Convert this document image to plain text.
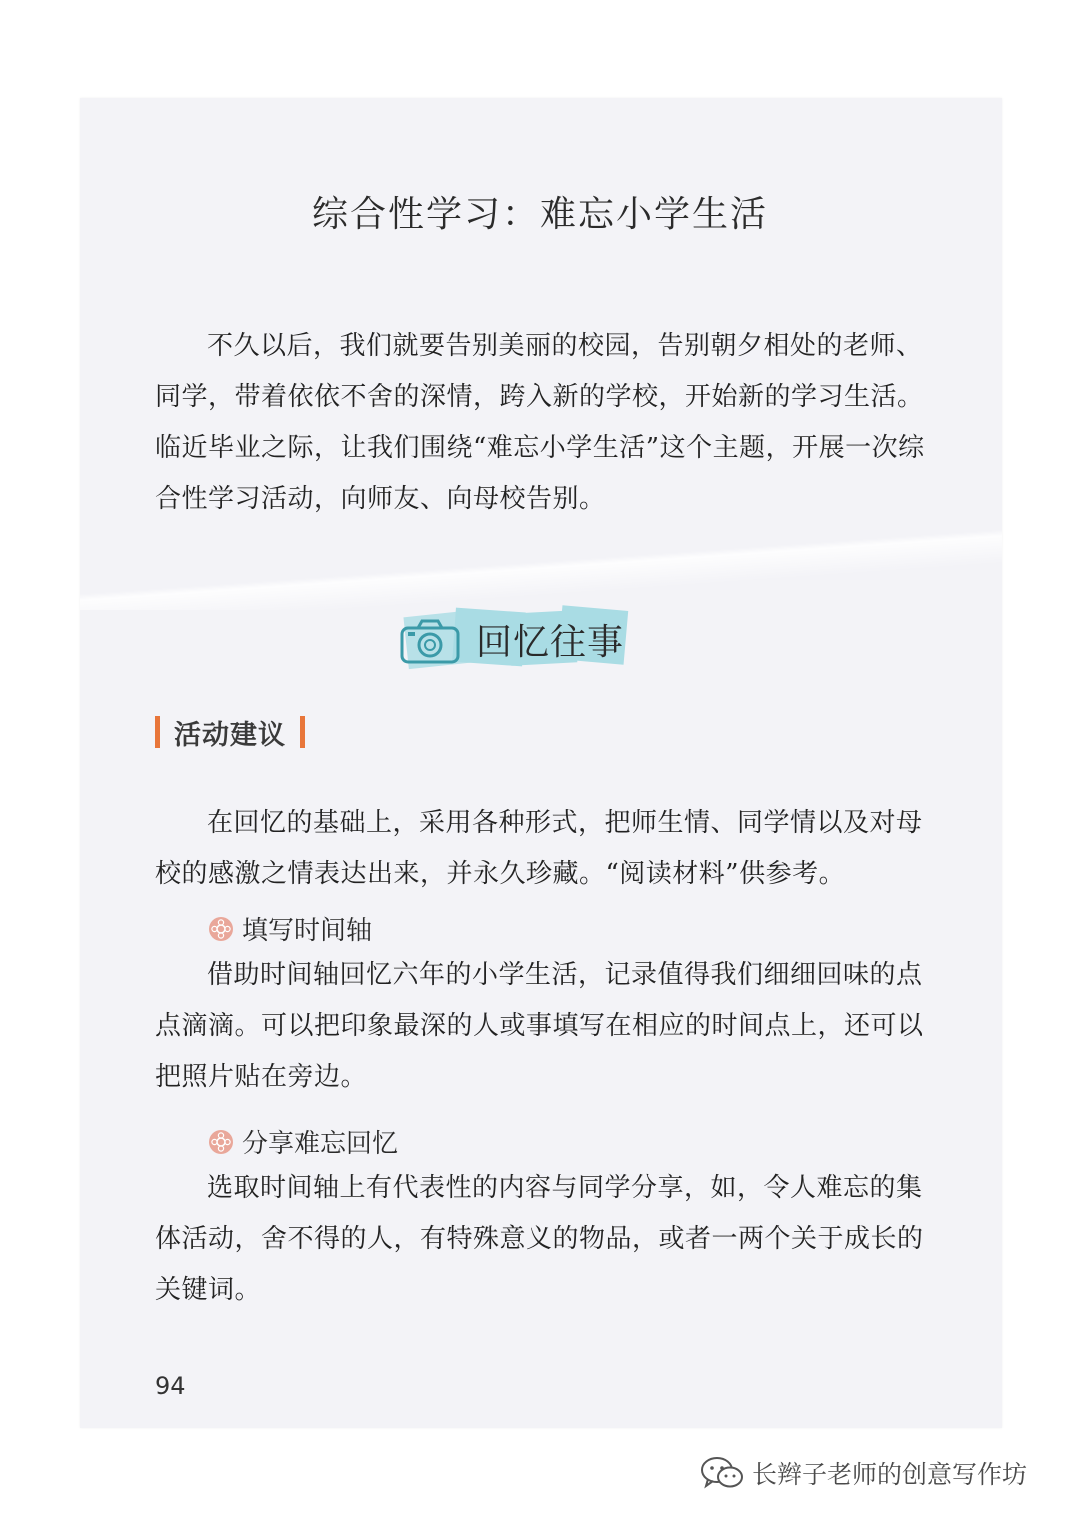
综合性学习：难忘小学生活

不久以后，我们就要告别美丽的校园，告别朝夕相处的老师、同学，带着依依不舍的深情，跨入新的学校，开始新的学习生活。临近毕业之际，让我们围绕“难忘小学生活”这个主题，开展一次综合性学习活动，向师友、向母校告别。

回忆往事
活动建议

在回忆的基础上，采用各种形式，把师生情、同学情以及对母校的感激之情表达出来，并永久珍藏。“阅读材料”供参考。

填写时间轴

借助时间轴回忆六年的小学生活，记录值得我们细细回味的点点滴滴。可以把印象最深的人或事填写在相应的时间点上，还可以把照片贴在旁边。

分享难忘回忆

选取时间轴上有代表性的内容与同学分享，如，令人难忘的集体活动，舍不得的人，有特殊意义的物品，或者一两个关于成长的关键词。

94
长辫子老师的创意写作坊
